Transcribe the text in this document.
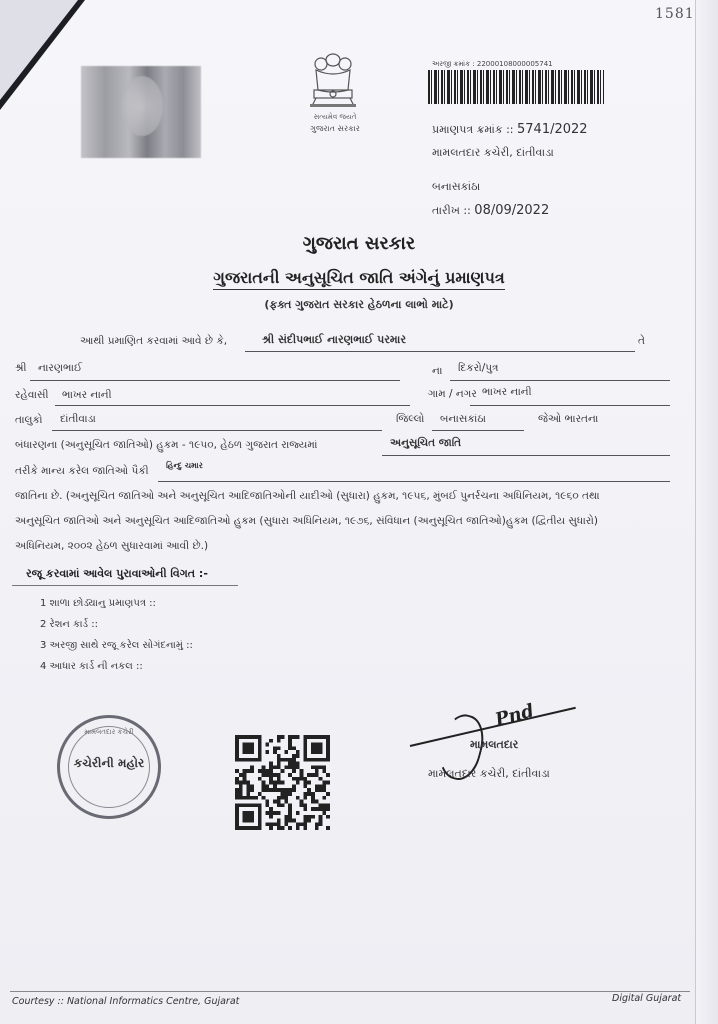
1581
સત્યમેવ જયતે
ગુજરાત સરકાર
અરજી ક્રમાંક : 2200010800000574‌1
પ્રમાણપત્ર ક્રમાંક :: 5741/2022
મામલતદાર કચેરી, દાંતીવાડા
બનાસકાંઠા
તારીખ :: 08/09/2022
ગુજરાત સરકાર
ગુજરાતની અનુસૂચિત જાતિ અંગેનું પ્રમાણપત્ર
(ફક્ત ગુજરાત સરકાર હેઠળના લાભો માટે)
આથી પ્રમાણિત કરવામાં આવે છે કે,	શ્રી સંદીપભાઈ નારણભાઈ પરમાર	તે
શ્રી નારણભાઈ	ના દિકરો/પુત્ર
રહેવાસી ભાખર નાની	ગામ / નગર ભાખર નાની
તાલુકો દાંતીવાડા	જિલ્લો બનાસકાંઠા	જેઓ ભારતના
બંધારણના (અનુસૂચિત જાતિઓ) હુકમ - ૧૯૫૦, હેઠળ ગુજરાત રાજ્યમાં	અનુસૂચિત જાતિ
તરીકે માન્ય કરેલ જાતિઓ પૈકી હિન્દુ ચમાર
જાતિના છે. (અનુસૂચિત જાતિઓ અને અનુસૂચિત આદિજાતિઓની યાદીઓ (સુધારા) હુકમ, ૧૯૫૬, મુંબઈ પુનર્રચના અધિનિયમ, ૧૯૬૦ તથા
અનુસૂચિત જાતિઓ અને અનુસૂચિત આદિજાતિઓ હુકમ (સુધારા અધિનિયમ, ૧૯૭૬, સંવિધાન (અનુસૂચિત જાતિઓ)હુકમ (દ્વિતીય સુધારો)
અધિનિયમ, ૨૦૦૨ હેઠળ સુધારવામાં આવી છે.)
રજૂ કરવામાં આવેલ પુરાવાઓની વિગત :-
1 શાળા છોડ્યાનુ પ્રમાણપત્ર ::
2 રેશન કાર્ડ ::
3 અરજી સાથે રજૂ કરેલ સોગંદનામું ::
4 આધાર કાર્ડ ની નકલ ::
મામલતદાર કચેરી
કચેરીની મહોર
Pnd
મામલતદાર
મામલતદાર કચેરી, દાંતીવાડા
Courtesy :: National Informatics Centre, Gujarat	Digital Gujarat
